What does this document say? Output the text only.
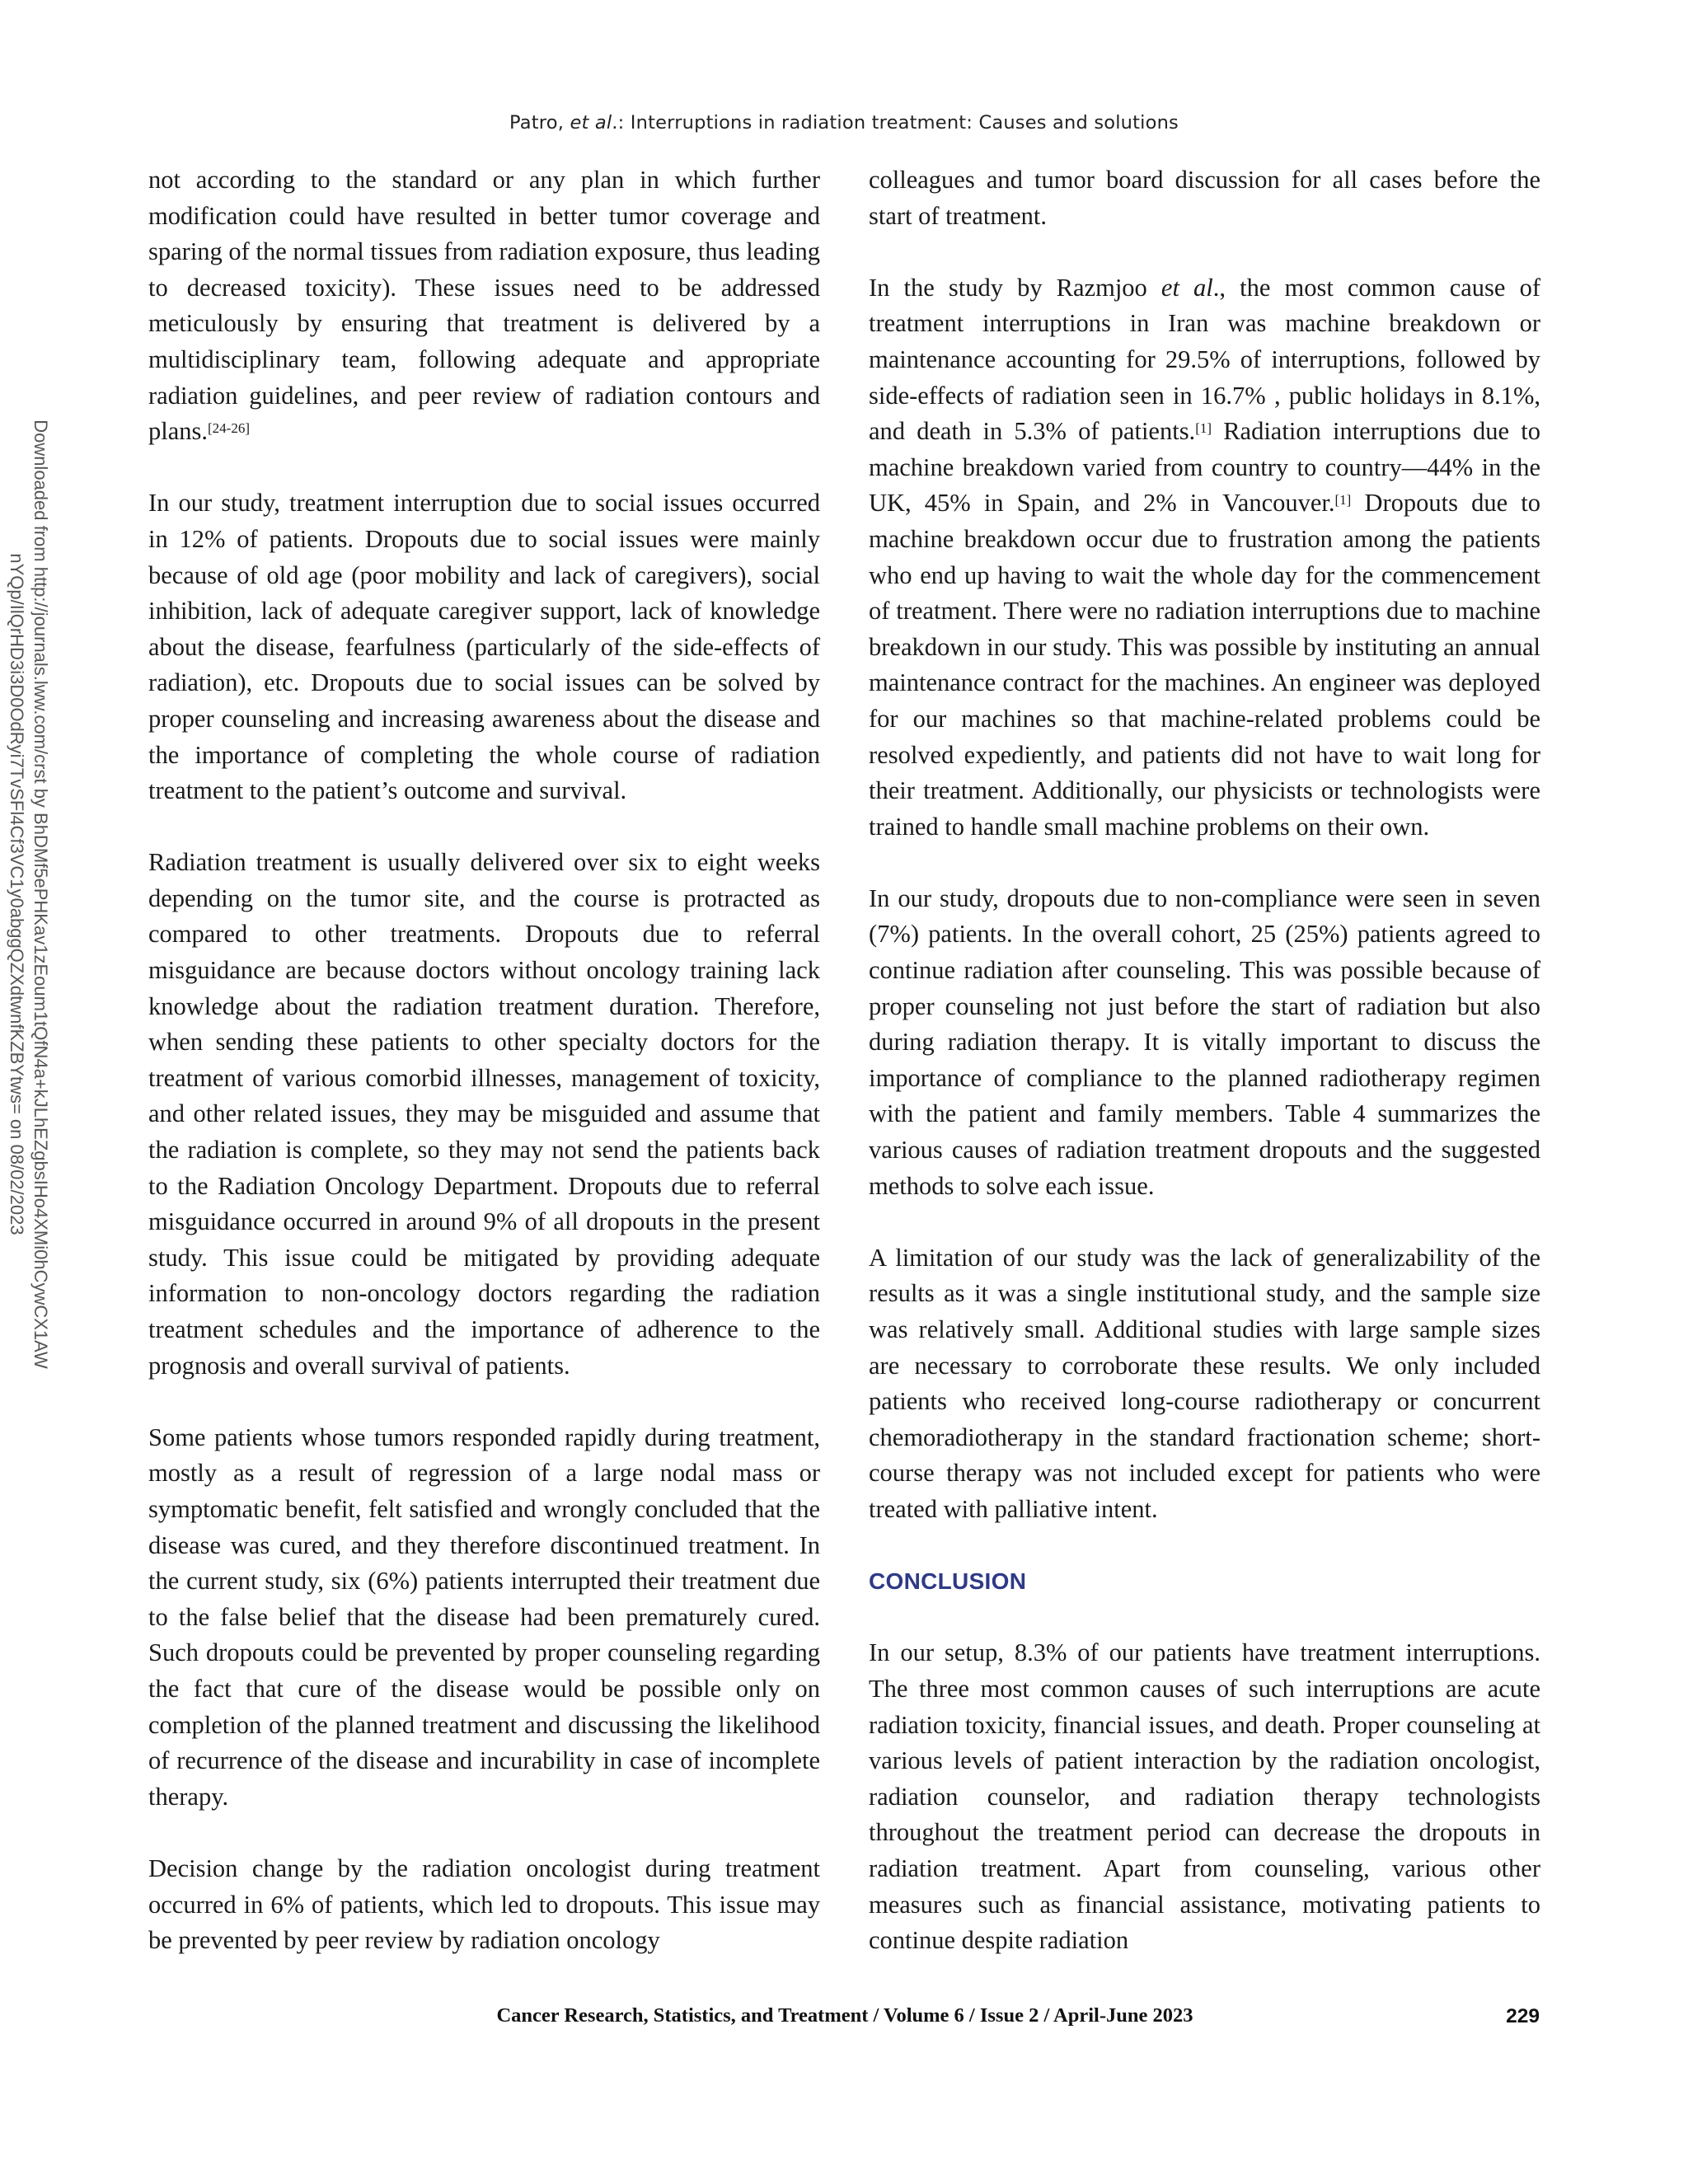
Patro, et al.: Interruptions in radiation treatment: Causes and solutions
Downloaded from http://journals.lww.com/crst by BhDMf5ePHKav1zEoum1tQfN4a+kJLhEZgbsIHo4XMi0hCywCX1AW nYQp/IlQrHD3i3D0OdRyi7TvSFl4Cf3VC1y0abggQZXdtwnfKZBYtws= on 08/02/2023

not according to the standard or any plan in which further modification could have resulted in better tumor coverage and sparing of the normal tissues from radiation exposure, thus leading to decreased toxicity). These issues need to be addressed meticulously by ensuring that treatment is delivered by a multidisciplinary team, following adequate and appropriate radiation guidelines, and peer review of radiation contours and plans.[24-26]

In our study, treatment interruption due to social issues occurred in 12% of patients. Dropouts due to social issues were mainly because of old age (poor mobility and lack of caregivers), social inhibition, lack of adequate caregiver support, lack of knowledge about the disease, fearfulness (particularly of the side-effects of radiation), etc. Dropouts due to social issues can be solved by proper counseling and increasing awareness about the disease and the importance of completing the whole course of radiation treatment to the patient’s outcome and survival.

Radiation treatment is usually delivered over six to eight weeks depending on the tumor site, and the course is protracted as compared to other treatments. Dropouts due to referral misguidance are because doctors without oncology training lack knowledge about the radiation treatment duration. Therefore, when sending these patients to other specialty doctors for the treatment of various comorbid illnesses, management of toxicity, and other related issues, they may be misguided and assume that the radiation is complete, so they may not send the patients back to the Radiation Oncology Department. Dropouts due to referral misguidance occurred in around 9% of all dropouts in the present study. This issue could be mitigated by providing adequate information to non-oncology doctors regarding the radiation treatment schedules and the importance of adherence to the prognosis and overall survival of patients.

Some patients whose tumors responded rapidly during treatment, mostly as a result of regression of a large nodal mass or symptomatic benefit, felt satisfied and wrongly concluded that the disease was cured, and they therefore discontinued treatment. In the current study, six (6%) patients interrupted their treatment due to the false belief that the disease had been prematurely cured. Such dropouts could be prevented by proper counseling regarding the fact that cure of the disease would be possible only on completion of the planned treatment and discussing the likelihood of recurrence of the disease and incurability in case of incomplete therapy.

Decision change by the radiation oncologist during treatment occurred in 6% of patients, which led to dropouts. This issue may be prevented by peer review by radiation oncology

colleagues and tumor board discussion for all cases before the start of treatment.

In the study by Razmjoo et al., the most common cause of treatment interruptions in Iran was machine breakdown or maintenance accounting for 29.5% of interruptions, followed by side-effects of radiation seen in 16.7% , public holidays in 8.1%, and death in 5.3% of patients.[1] Radiation interruptions due to machine breakdown varied from country to country—44% in the UK, 45% in Spain, and 2% in Vancouver.[1] Dropouts due to machine breakdown occur due to frustration among the patients who end up having to wait the whole day for the commencement of treatment. There were no radiation interruptions due to machine breakdown in our study. This was possible by instituting an annual maintenance contract for the machines. An engineer was deployed for our machines so that machine-related problems could be resolved expediently, and patients did not have to wait long for their treatment. Additionally, our physicists or technologists were trained to handle small machine problems on their own.

In our study, dropouts due to non-compliance were seen in seven (7%) patients. In the overall cohort, 25 (25%) patients agreed to continue radiation after counseling. This was possible because of proper counseling not just before the start of radiation but also during radiation therapy. It is vitally important to discuss the importance of compliance to the planned radiotherapy regimen with the patient and family members. Table 4 summarizes the various causes of radiation treatment dropouts and the suggested methods to solve each issue.

A limitation of our study was the lack of generalizability of the results as it was a single institutional study, and the sample size was relatively small. Additional studies with large sample sizes are necessary to corroborate these results. We only included patients who received long-course radiotherapy or concurrent chemoradiotherapy in the standard fractionation scheme; short-course therapy was not included except for patients who were treated with palliative intent.

CONCLUSION

In our setup, 8.3% of our patients have treatment interruptions. The three most common causes of such interruptions are acute radiation toxicity, financial issues, and death. Proper counseling at various levels of patient interaction by the radiation oncologist, radiation counselor, and radiation therapy technologists throughout the treatment period can decrease the dropouts in radiation treatment. Apart from counseling, various other measures such as financial assistance, motivating patients to continue despite radiation

Cancer Research, Statistics, and Treatment / Volume 6 / Issue 2 / April-June 2023	229
